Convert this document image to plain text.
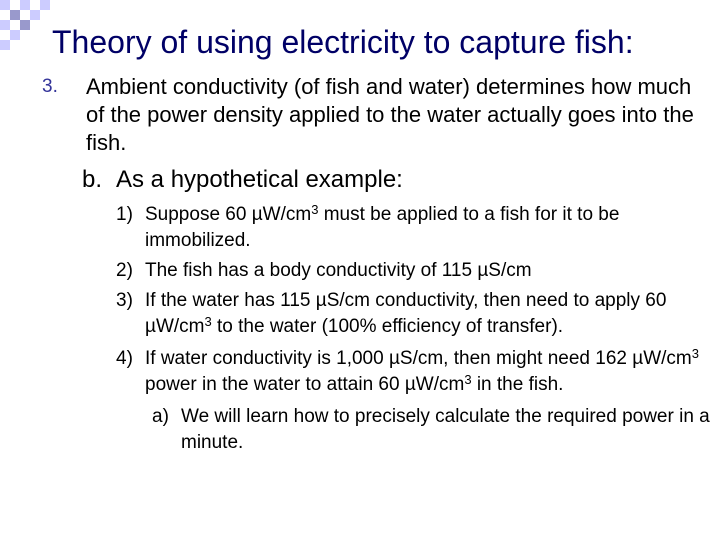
Theory of using electricity to capture fish:
3. Ambient conductivity (of fish and water) determines how much of the power density applied to the water actually goes into the fish.
b. As a hypothetical example:
1) Suppose 60 $\mu W/cm^3$ must be applied to a fish for it to be immobilized.
2) The fish has a body conductivity of 115 µS/cm
3) If the water has 115 µS/cm conductivity, then need to apply 60 $\mu W/cm^3$ to the water (100% efficiency of transfer).
4) If water conductivity is 1,000 µS/cm, then might need 162 $\mu W/cm^3$ power in the water to attain 60 $\mu W/cm^3$ in the fish.
a) We will learn how to precisely calculate the required power in a minute.
